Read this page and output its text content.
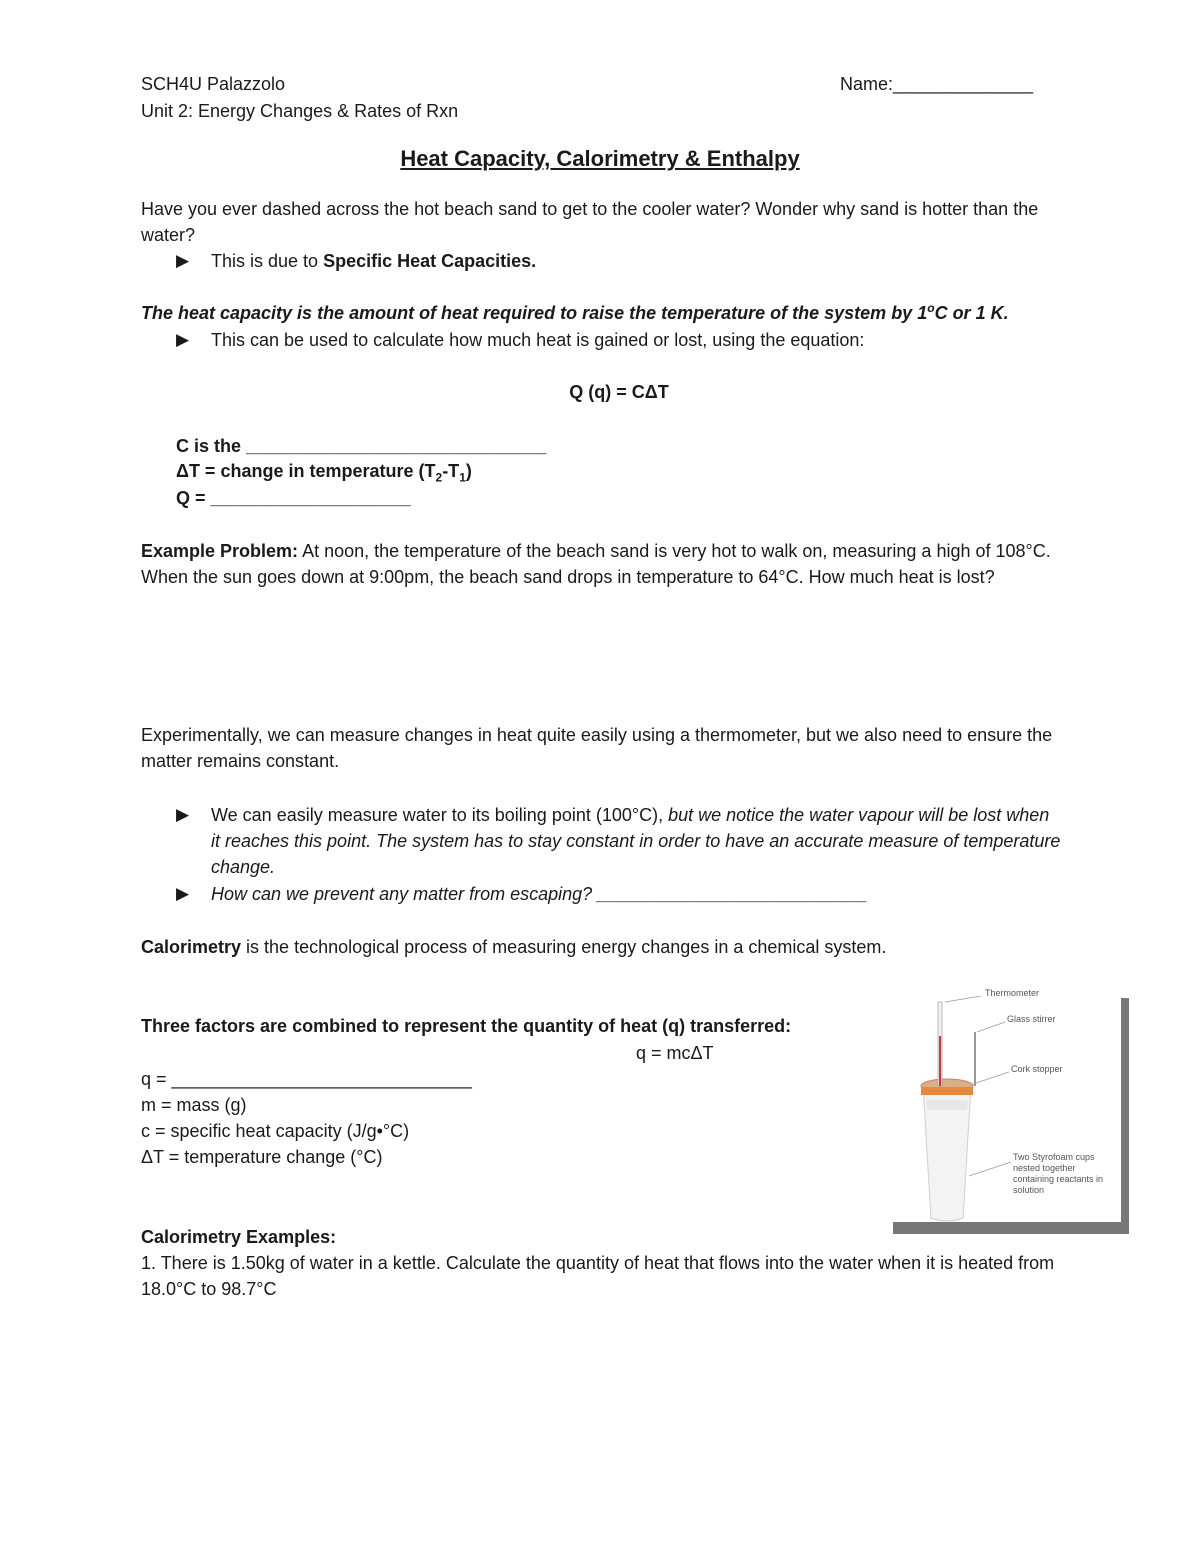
SCH4U Palazzolo
Unit 2: Energy Changes & Rates of Rxn
Name:______________
Heat Capacity, Calorimetry & Enthalpy
Have you ever dashed across the hot beach sand to get to the cooler water? Wonder why sand is hotter than the water?
▶ This is due to Specific Heat Capacities.
The heat capacity is the amount of heat required to raise the temperature of the system by 1$^o$C or 1 K.
▶ This can be used to calculate how much heat is gained or lost, using the equation:
Q (q) = CΔT
C is the ______________________________
ΔT = change in temperature $(T_2-T_1)$
Q = ____________________
Example Problem: At noon, the temperature of the beach sand is very hot to walk on, measuring a high of 108°C. When the sun goes down at 9:00pm, the beach sand drops in temperature to 64°C. How much heat is lost?
Experimentally, we can measure changes in heat quite easily using a thermometer, but we also need to ensure the matter remains constant.
▶ We can easily measure water to its boiling point (100°C), but we notice the water vapour will be lost when it reaches this point. The system has to stay constant in order to have an accurate measure of temperature change.
▶ How can we prevent any matter from escaping? ___________________________
Calorimetry is the technological process of measuring energy changes in a chemical system.
Three factors are combined to represent the quantity of heat (q) transferred:
q = mcΔT
q = ______________________________
m = mass (g)
c = specific heat capacity (J/g•°C)
ΔT = temperature change (°C)
Thermometer
Glass stirrer
Cork stopper
Two Styrofoam cups nested together containing reactants in solution
Calorimetry Examples:
1. There is 1.50kg of water in a kettle. Calculate the quantity of heat that flows into the water when it is heated from 18.0°C to 98.7°C
